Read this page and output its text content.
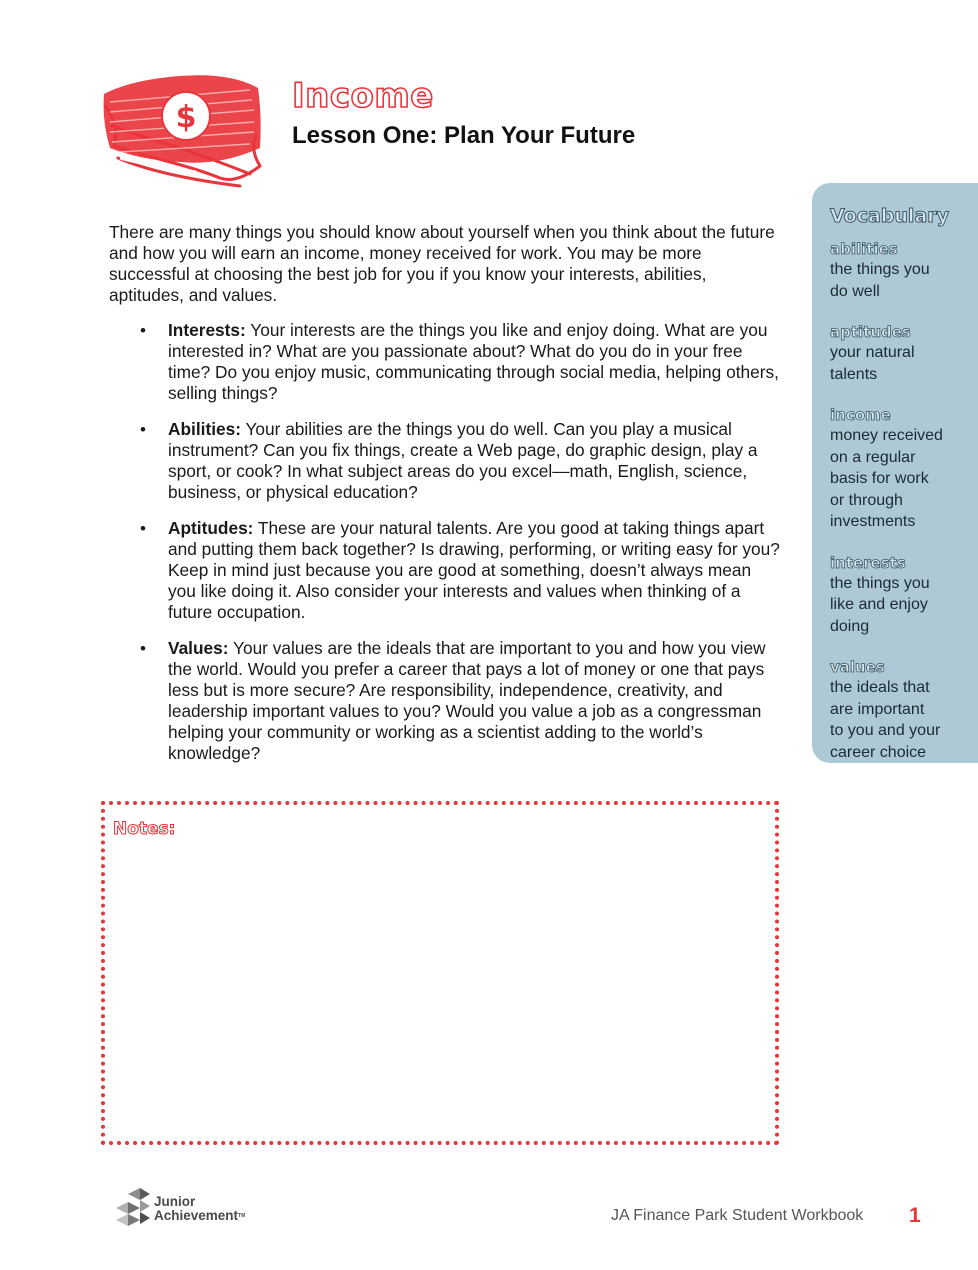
$
Income
Lesson One: Plan Your Future

There are many things you should know about yourself when you think about the future and how you will earn an income, money received for work. You may be more successful at choosing the best job for you if you know your interests, abilities, aptitudes, and values.

• Interests: Your interests are the things you like and enjoy doing. What are you interested in? What are you passionate about? What do you do in your free time? Do you enjoy music, communicating through social media, helping others, selling things?
• Abilities: Your abilities are the things you do well. Can you play a musical instrument? Can you fix things, create a Web page, do graphic design, play a sport, or cook? In what subject areas do you excel—math, English, science, business, or physical education?
• Aptitudes: These are your natural talents. Are you good at taking things apart and putting them back together? Is drawing, performing, or writing easy for you? Keep in mind just because you are good at something, doesn’t always mean you like doing it. Also consider your interests and values when thinking of a future occupation.
• Values: Your values are the ideals that are important to you and how you view the world. Would you prefer a career that pays a lot of money or one that pays less but is more secure? Are responsibility, independence, creativity, and leadership important values to you? Would you value a job as a congressman helping your community or working as a scientist adding to the world’s knowledge?
Vocabulary
abilities
the things you
do well
aptitudes
your natural
talents
income
money received
on a regular
basis for work
or through
investments
interests
the things you
like and enjoy
doing
values
the ideals that
are important
to you and your
career choice
Notes:
Junior
Achievement™	JA Finance Park Student Workbook 1
